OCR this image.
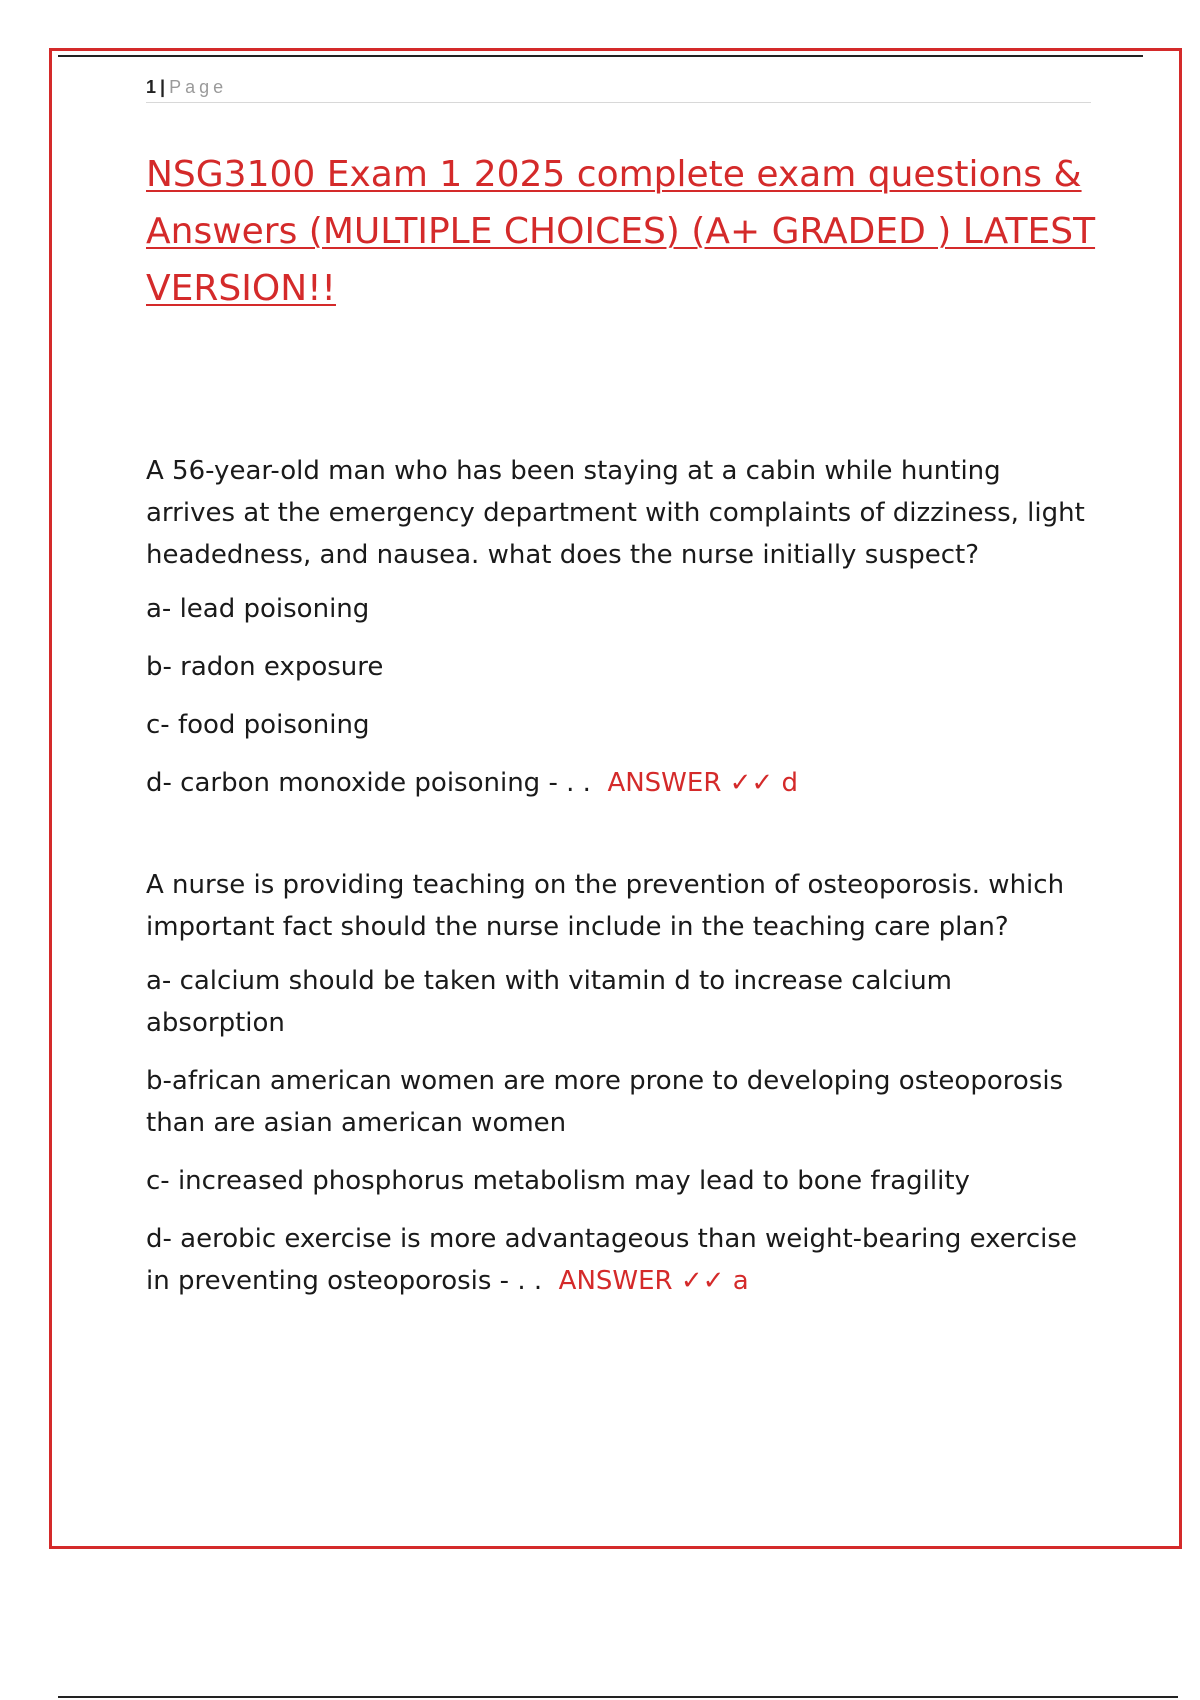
1 | Page
NSG3100 Exam 1 2025 complete exam questions & Answers (MULTIPLE CHOICES) (A+ GRADED ) LATEST VERSION!!

A 56-year-old man who has been staying at a cabin while hunting arrives at the emergency department with complaints of dizziness, light headedness, and nausea. what does the nurse initially suspect?

a- lead poisoning

b- radon exposure

c- food poisoning

d- carbon monoxide poisoning - . . ANSWER ✓✓ d

A nurse is providing teaching on the prevention of osteoporosis. which important fact should the nurse include in the teaching care plan?

a- calcium should be taken with vitamin d to increase calcium absorption

b-african american women are more prone to developing osteoporosis than are asian american women

c- increased phosphorus metabolism may lead to bone fragility

d- aerobic exercise is more advantageous than weight-bearing exercise in preventing osteoporosis - . . ANSWER ✓✓ a
